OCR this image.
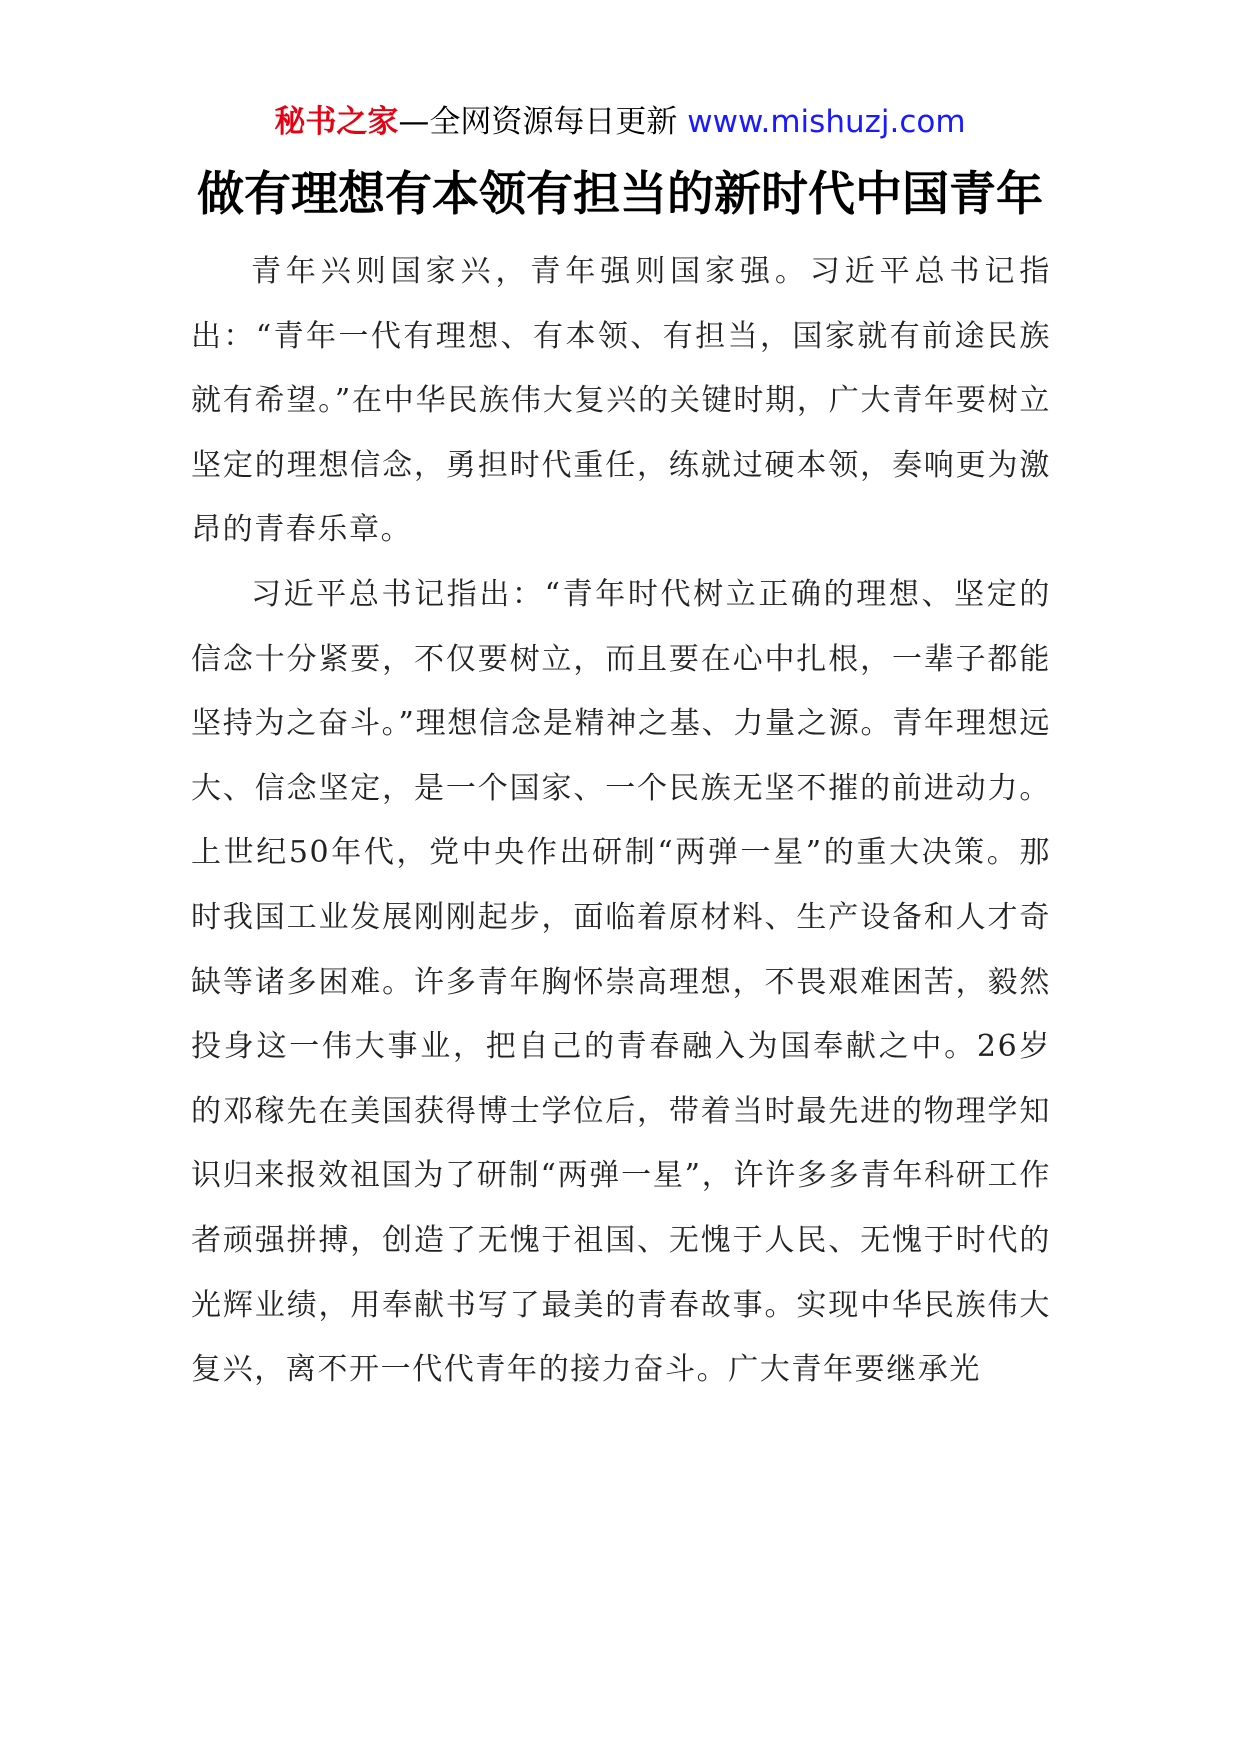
秘书之家—全网资源每日更新 www.mishuzj.com
做有理想有本领有担当的新时代中国青年

青年兴则国家兴，青年强则国家强。习近平总书记指出：“青年一代有理想、有本领、有担当，国家就有前途民族就有希望。”在中华民族伟大复兴的关键时期，广大青年要树立坚定的理想信念，勇担时代重任，练就过硬本领，奏响更为激昂的青春乐章。

习近平总书记指出：“青年时代树立正确的理想、坚定的信念十分紧要，不仅要树立，而且要在心中扎根，一辈子都能坚持为之奋斗。”理想信念是精神之基、力量之源。青年理想远大、信念坚定，是一个国家、一个民族无坚不摧的前进动力。上世纪50年代，党中央作出研制“两弹一星”的重大决策。那时我国工业发展刚刚起步，面临着原材料、生产设备和人才奇缺等诸多困难。许多青年胸怀崇高理想，不畏艰难困苦，毅然投身这一伟大事业，把自己的青春融入为国奉献之中。26岁的邓稼先在美国获得博士学位后，带着当时最先进的物理学知识归来报效祖国为了研制“两弹一星”，许许多多青年科研工作者顽强拼搏，创造了无愧于祖国、无愧于人民、无愧于时代的光辉业绩，用奉献书写了最美的青春故事。实现中华民族伟大复兴，离不开一代代青年的接力奋斗。广大青年要继承光
